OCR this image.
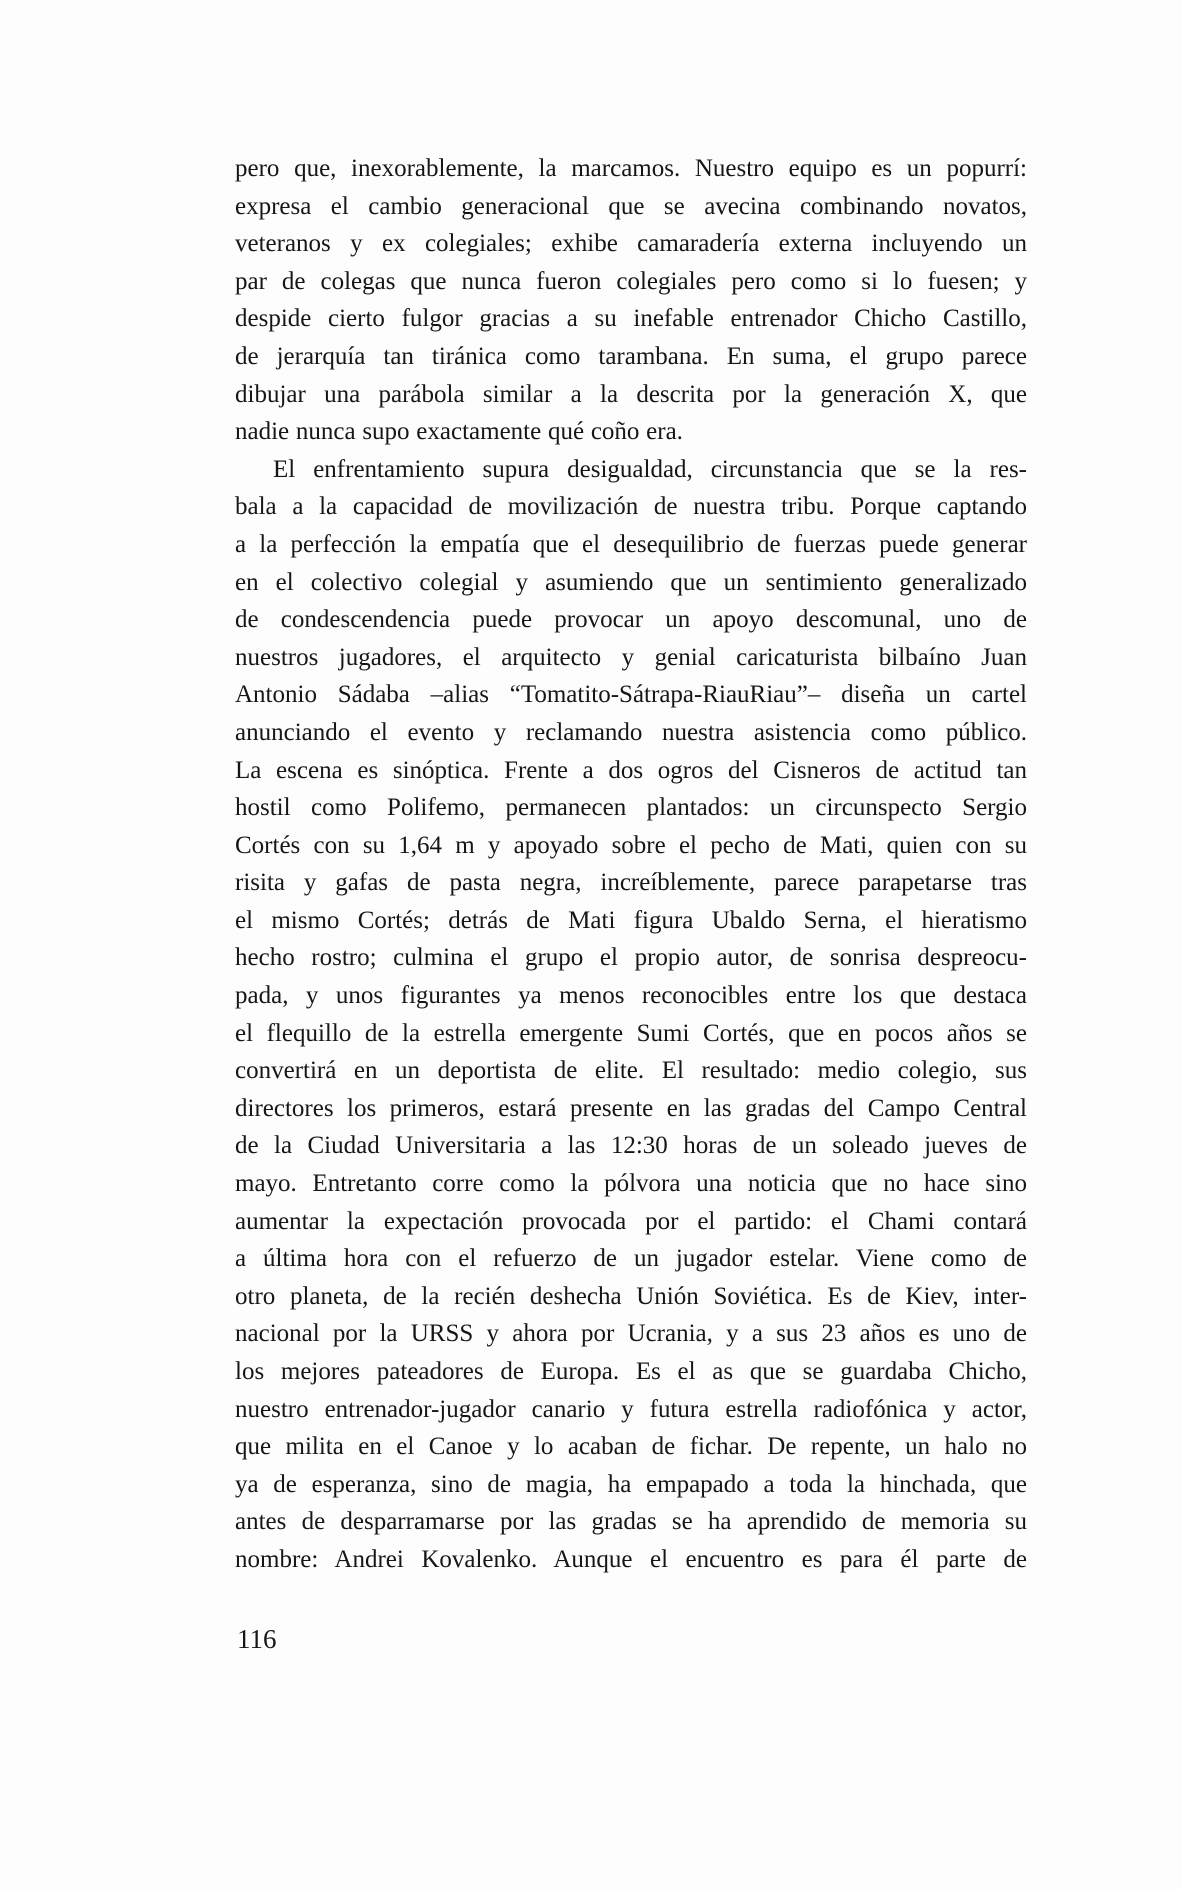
pero que, inexorablemente, la marcamos. Nuestro equipo es un popurrí:
expresa el cambio generacional que se avecina combinando novatos,
veteranos y ex colegiales; exhibe camaradería externa incluyendo un
par de colegas que nunca fueron colegiales pero como si lo fuesen; y
despide cierto fulgor gracias a su inefable entrenador Chicho Castillo,
de jerarquía tan tiránica como tarambana. En suma, el grupo parece
dibujar una parábola similar a la descrita por la generación X, que
nadie nunca supo exactamente qué coño era.
El enfrentamiento supura desigualdad, circunstancia que se la res-
bala a la capacidad de movilización de nuestra tribu. Porque captando
a la perfección la empatía que el desequilibrio de fuerzas puede generar
en el colectivo colegial y asumiendo que un sentimiento generalizado
de condescendencia puede provocar un apoyo descomunal, uno de
nuestros jugadores, el arquitecto y genial caricaturista bilbaíno Juan
Antonio Sádaba –alias “Tomatito-Sátrapa-RiauRiau”– diseña un cartel
anunciando el evento y reclamando nuestra asistencia como público.
La escena es sinóptica. Frente a dos ogros del Cisneros de actitud tan
hostil como Polifemo, permanecen plantados: un circunspecto Sergio
Cortés con su 1,64 m y apoyado sobre el pecho de Mati, quien con su
risita y gafas de pasta negra, increíblemente, parece parapetarse tras
el mismo Cortés; detrás de Mati figura Ubaldo Serna, el hieratismo
hecho rostro; culmina el grupo el propio autor, de sonrisa despreocu-
pada, y unos figurantes ya menos reconocibles entre los que destaca
el flequillo de la estrella emergente Sumi Cortés, que en pocos años se
convertirá en un deportista de elite. El resultado: medio colegio, sus
directores los primeros, estará presente en las gradas del Campo Central
de la Ciudad Universitaria a las 12:30 horas de un soleado jueves de
mayo. Entretanto corre como la pólvora una noticia que no hace sino
aumentar la expectación provocada por el partido: el Chami contará
a última hora con el refuerzo de un jugador estelar. Viene como de
otro planeta, de la recién deshecha Unión Soviética. Es de Kiev, inter-
nacional por la URSS y ahora por Ucrania, y a sus 23 años es uno de
los mejores pateadores de Europa. Es el as que se guardaba Chicho,
nuestro entrenador-jugador canario y futura estrella radiofónica y actor,
que milita en el Canoe y lo acaban de fichar. De repente, un halo no
ya de esperanza, sino de magia, ha empapado a toda la hinchada, que
antes de desparramarse por las gradas se ha aprendido de memoria su
nombre: Andrei Kovalenko. Aunque el encuentro es para él parte de
116
